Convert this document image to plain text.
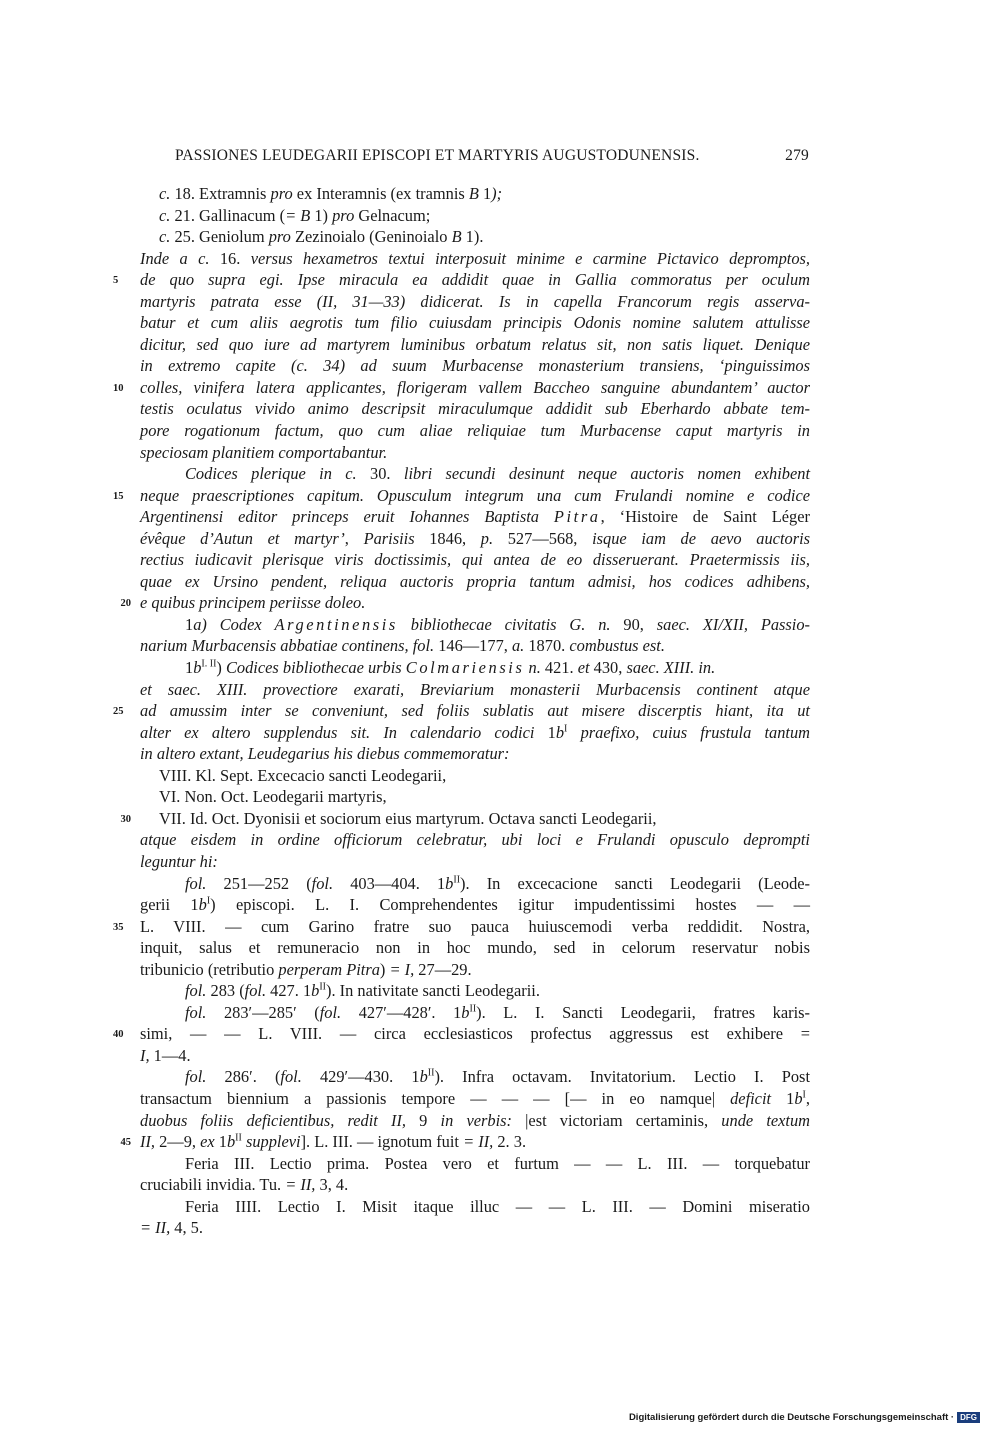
PASSIONES LEUDEGARII EPISCOPI ET MARTYRIS AUGUSTODUNENSIS.	279
c. 18. Extramnis pro ex Interamnis (ex tramnis B 1);
c. 21. Gallinacum (= B 1) pro Gelnacum;
c. 25. Geniolum pro Zezinoialo (Geninoialo B 1).
Inde a c. 16. versus hexametros textui interposuit minime e carmine Pictavico depromptos,
5	de quo supra egi. Ipse miracula ea addidit quae in Gallia commoratus per oculum
martyris patrata esse (II, 31—33) didicerat. Is in capella Francorum regis asserva-
batur et cum aliis aegrotis tum filio cuiusdam principis Odonis nomine salutem attulisse
dicitur, sed quo iure ad martyrem luminibus orbatum relatus sit, non satis liquet. Denique
in extremo capite (c. 34) ad suum Murbacense monasterium transiens, ‘pinguissimos
10	colles, vinifera latera applicantes, florigeram vallem Baccheo sanguine abundantem’ auctor
testis oculatus vivido animo descripsit miraculumque addidit sub Eberhardo abbate tem-
pore rogationum factum, quo cum aliae reliquiae tum Murbacense caput martyris in
speciosam planitiem comportabantur.
Codices plerique in c. 30. libri secundi desinunt neque auctoris nomen exhibent
15	neque praescriptiones capitum. Opusculum integrum una cum Frulandi nomine e codice
Argentinensi editor princeps eruit Iohannes Baptista Pitra, ‘Histoire de Saint Léger
évêque d’Autun et martyr’, Parisiis 1846, p. 527—568, isque iam de aevo auctoris
rectius iudicavit plerisque viris doctissimis, qui antea de eo disseruerant. Praetermissis iis,
quae ex Ursino pendent, reliqua auctoris propria tantum admisi, hos codices adhibens,
20 e quibus principem periisse doleo.
1a) Codex Argentinensis bibliothecae civitatis G. n. 90, saec. XI/XII, Passio-
narium Murbacensis abbatiae continens, fol. 146—177, a. 1870. combustus est.
$1b^{I. II}$) Codices bibliothecae urbis Colmariensis n. 421. et 430, saec. XIII. in.
et saec. XIII. provectiore exarati, Breviarium monasterii Murbacensis continent atque
25	ad amussim inter se conveniunt, sed foliis sublatis aut misere discerptis hiant, ita ut
alter ex altero supplendus sit. In calendario codici $1b^I$ praefixo, cuius frustula tantum
in altero extant, Leudegarius his diebus commemoratur:
VIII. Kl. Sept. Excecacio sancti Leodegarii,
VI. Non. Oct. Leodegarii martyris,
30 VII. Id. Oct. Dyonisii et sociorum eius martyrum. Octava sancti Leodegarii,
atque eisdem in ordine officiorum celebratur, ubi loci e Frulandi opusculo deprompti
leguntur hi:
fol. 251—252 (fol. 403—404. $1b^{II}$). In excecacione sancti Leodegarii (Leode-
gerii $1b^I$) episcopi. L. I. Comprehendentes igitur impudentissimi hostes — —
35	L. VIII. — cum Garino fratre suo pauca huiuscemodi verba reddidit. Nostra,
inquit, salus et remuneracio non in hoc mundo, sed in celorum reservatur nobis
tribunicio (retributio perperam Pitra) = I, 27—29.
fol. 283 (fol. 427. $1b^{II}$). In nativitate sancti Leodegarii.
fol. 283′—285′ (fol. 427′—428′. $1b^{II}$). L. I. Sancti Leodegarii, fratres karis-
40	simi, — — L. VIII. — circa ecclesiasticos profectus aggressus est exhibere =
I, 1—4.
fol. 286′. (fol. 429′—430. $1b^{II}$). Infra octavam. Invitatorium. Lectio I. Post
transactum biennium a passionis tempore — — — [— in eo namque| deficit $1b^I$,
duobus foliis deficientibus, redit II, 9 in verbis: |est victoriam certaminis, unde textum
45 II, 2—9, ex $1b^{II}$ supplevi]. L. III. — ignotum fuit = II, 2. 3.
Feria III. Lectio prima. Postea vero et furtum — — L. III. — torquebatur
cruciabili invidia. Tu. = II, 3, 4.
Feria IIII. Lectio I. Misit itaque illuc — — L. III. — Domini miseratio
= II, 4, 5.
Digitalisierung gefördert durch die Deutsche Forschungsgemeinschaft · DFG
